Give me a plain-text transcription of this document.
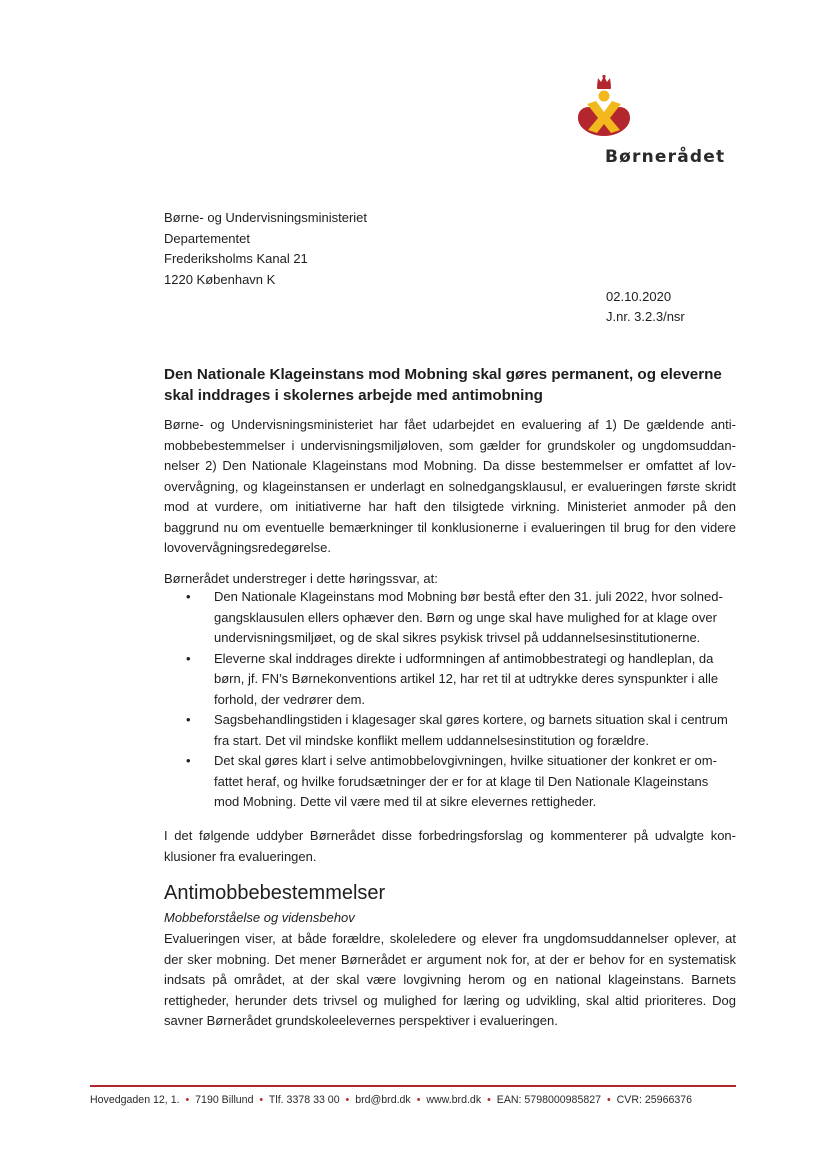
Børnerådet
Børne- og Undervisningsministeriet
Departementet
Frederiksholms Kanal 21
1220 København K
02.10.2020
J.nr. 3.2.3/nsr
Den Nationale Klageinstans mod Mobning skal gøres permanent, og eleverne skal inddrages i skolernes arbejde med antimobning

Børne- og Undervisningsministeriet har fået udarbejdet en evaluering af 1) De gældende antimobbebestemmelser i undervisningsmiljøloven, som gælder for grundskoler og ungdomsuddannelser 2) Den Nationale Klageinstans mod Mobning. Da disse bestemmelser er omfattet af lovovervågning, og klageinstansen er underlagt en solnedgangsklausul, er evalueringen første skridt mod at vurdere, om initiativerne har haft den tilsigtede virkning. Ministeriet anmoder på den baggrund nu om eventuelle bemærkninger til konklusionerne i evalueringen til brug for den videre lovovervågningsredegørelse.

Børnerådet understreger i dette høringssvar, at:

• Den Nationale Klageinstans mod Mobning bør bestå efter den 31. juli 2022, hvor solnedgangsklausulen ellers ophæver den. Børn og unge skal have mulighed for at klage over undervisningsmiljøet, og de skal sikres psykisk trivsel på uddannelsesinstitutionerne.
• Eleverne skal inddrages direkte i udformningen af antimobbestrategi og handleplan, da børn, jf. FN’s Børnekonventions artikel 12, har ret til at udtrykke deres synspunkter i alle forhold, der vedrører dem.
• Sagsbehandlingstiden i klagesager skal gøres kortere, og barnets situation skal i centrum fra start. Det vil mindske konflikt mellem uddannelsesinstitution og forældre.
• Det skal gøres klart i selve antimobbelovgivningen, hvilke situationer der konkret er omfattet heraf, og hvilke forudsætninger der er for at klage til Den Nationale Klageinstans mod Mobning. Dette vil være med til at sikre elevernes rettigheder.

I det følgende uddyber Børnerådet disse forbedringsforslag og kommenterer på udvalgte konklusioner fra evalueringen.

Antimobbebestemmelser

Mobbeforståelse og vidensbehov

Evalueringen viser, at både forældre, skoleledere og elever fra ungdomsuddannelser oplever, at der sker mobning. Det mener Børnerådet er argument nok for, at der er behov for en systematisk indsats på området, at der skal være lovgivning herom og en national klageinstans. Barnets rettigheder, herunder dets trivsel og mulighed for læring og udvikling, skal altid prioriteres. Dog savner Børnerådet grundskoleelevernes perspektiver i evalueringen.

Hovedgaden 12, 1. • 7190 Billund • Tlf. 3378 33 00 • brd@brd.dk • www.brd.dk • EAN: 5798000985827 • CVR: 25966376
